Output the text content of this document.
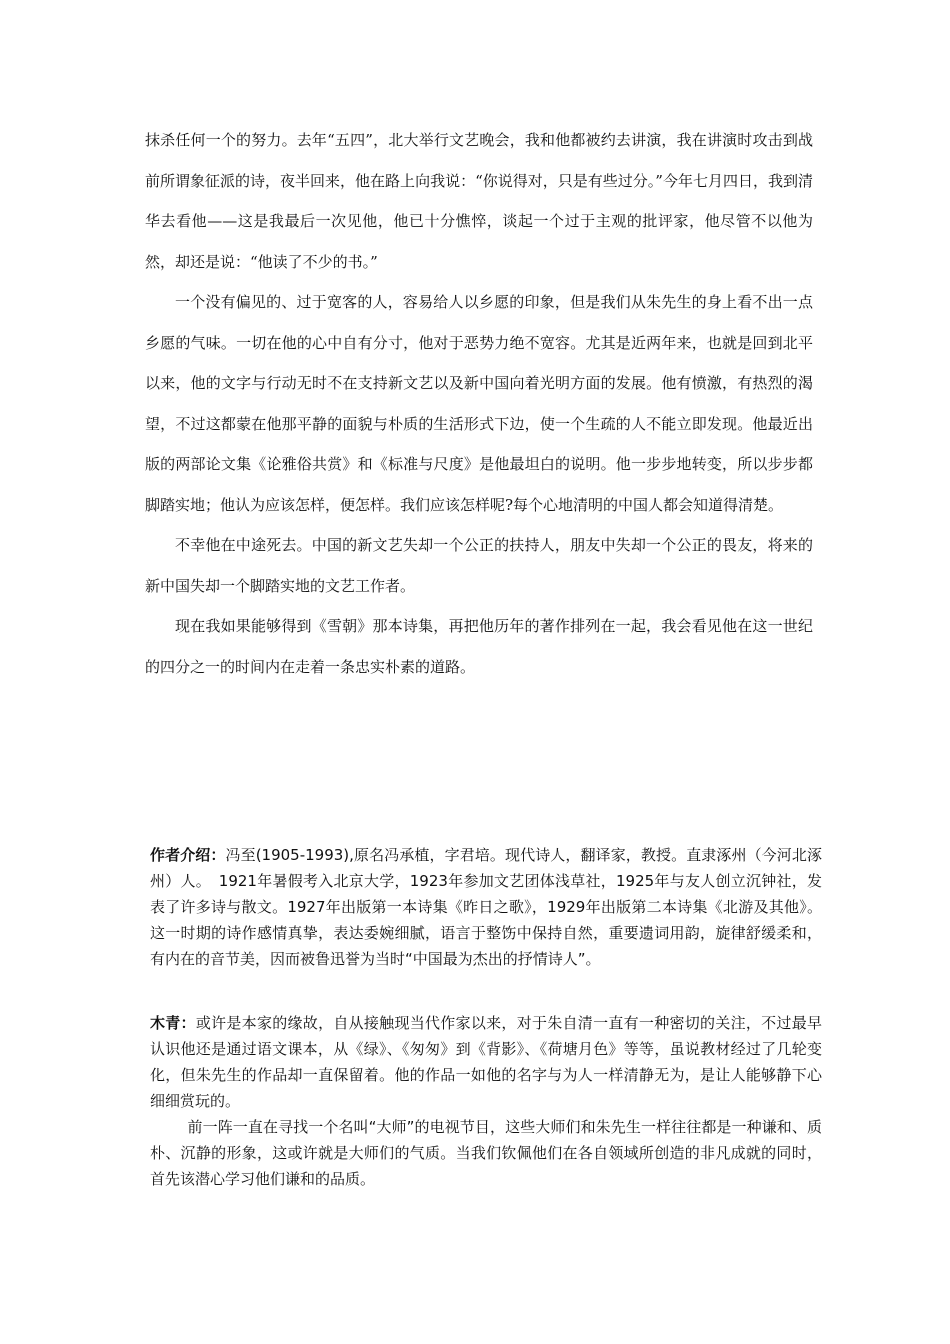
抹杀任何一个的努力。去年“五四”，北大举行文艺晚会，我和他都被约去讲演，我在讲演时攻击到战前所谓象征派的诗，夜半回来，他在路上向我说：“你说得对，只是有些过分。”今年七月四日，我到清华去看他——这是我最后一次见他，他已十分憔悴，谈起一个过于主观的批评家，他尽管不以他为然，却还是说：“他读了不少的书。”

一个没有偏见的、过于宽客的人，容易给人以乡愿的印象，但是我们从朱先生的身上看不出一点乡愿的气味。一切在他的心中自有分寸，他对于恶势力绝不宽容。尤其是近两年来，也就是回到北平以来，他的文字与行动无时不在支持新文艺以及新中国向着光明方面的发展。他有愤激，有热烈的渴望，不过这都蒙在他那平静的面貌与朴质的生活形式下边，使一个生疏的人不能立即发现。他最近出版的两部论文集《论雅俗共赏》和《标准与尺度》是他最坦白的说明。他一步步地转变，所以步步都脚踏实地；他认为应该怎样，便怎样。我们应该怎样呢?每个心地清明的中国人都会知道得清楚。

不幸他在中途死去。中国的新文艺失却一个公正的扶持人，朋友中失却一个公正的畏友，将来的新中国失却一个脚踏实地的文艺工作者。

现在我如果能够得到《雪朝》那本诗集，再把他历年的著作排列在一起，我会看见他在这一世纪的四分之一的时间内在走着一条忠实朴素的道路。

作者介绍：冯至(1905-1993),原名冯承植，字君培。现代诗人，翻译家，教授。直隶涿州（今河北涿州）人。　1921年暑假考入北京大学，1923年参加文艺团体浅草社，1925年与友人创立沉钟社，发表了许多诗与散文。1927年出版第一本诗集《昨日之歌》，1929年出版第二本诗集《北游及其他》。这一时期的诗作感情真挚，表达委婉细腻，语言于整饬中保持自然，重要遗词用韵，旋律舒缓柔和，有内在的音节美，因而被鲁迅誉为当时“中国最为杰出的抒情诗人”。

木青：或许是本家的缘故，自从接触现当代作家以来，对于朱自清一直有一种密切的关注，不过最早认识他还是通过语文课本，从《绿》、《匆匆》到《背影》、《荷塘月色》等等，虽说教材经过了几轮变化，但朱先生的作品却一直保留着。他的作品一如他的名字与为人一样清静无为，是让人能够静下心细细赏玩的。

前一阵一直在寻找一个名叫“大师”的电视节目，这些大师们和朱先生一样往往都是一种谦和、质朴、沉静的形象，这或许就是大师们的气质。当我们钦佩他们在各自领域所创造的非凡成就的同时，首先该潜心学习他们谦和的品质。
